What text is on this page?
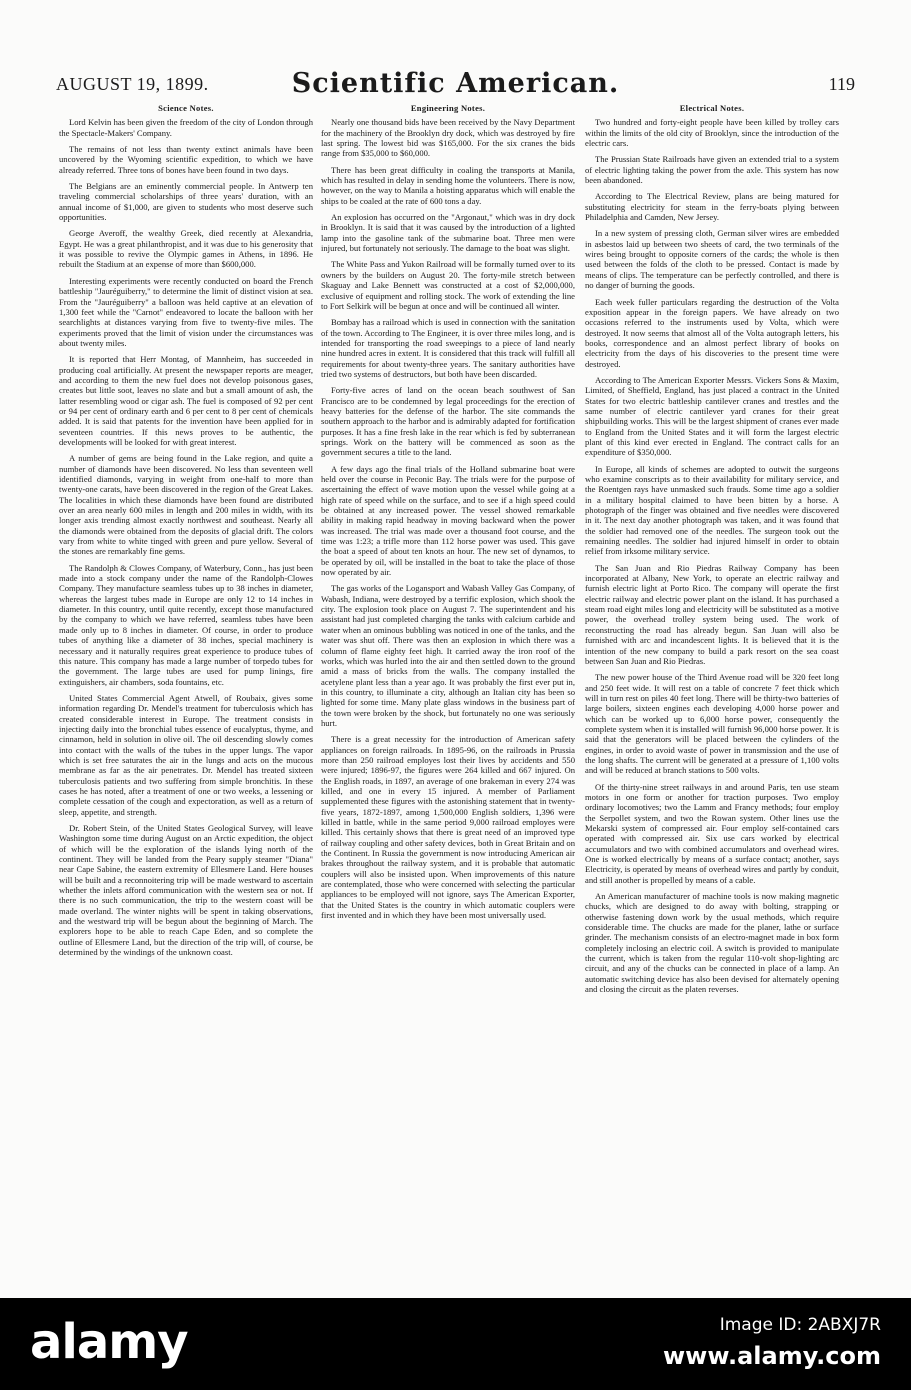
AUGUST 19, 1899.	Scientific American.	119
Science Notes.

Lord Kelvin has been given the freedom of the city of London through the Spectacle-Makers' Company.

The remains of not less than twenty extinct animals have been uncovered by the Wyoming scientific expedition, to which we have already referred. Three tons of bones have been found in two days.

The Belgians are an eminently commercial people. In Antwerp ten traveling commercial scholarships of three years' duration, with an annual income of $1,000, are given to students who most deserve such opportunities.

George Averoff, the wealthy Greek, died recently at Alexandria, Egypt. He was a great philanthropist, and it was due to his generosity that it was possible to revive the Olympic games in Athens, in 1896. He rebuilt the Stadium at an expense of more than $600,000.

Interesting experiments were recently conducted on board the French battleship "Jauréguiberry," to determine the limit of distinct vision at sea. From the "Jauréguiberry" a balloon was held captive at an elevation of 1,300 feet while the "Carnot" endeavored to locate the balloon with her searchlights at distances varying from five to twenty-five miles. The experiments proved that the limit of vision under the circumstances was about twenty miles.

It is reported that Herr Montag, of Mannheim, has succeeded in producing coal artificially. At present the newspaper reports are meager, and according to them the new fuel does not develop poisonous gases, creates but little soot, leaves no slate and but a small amount of ash, the latter resembling wood or cigar ash. The fuel is composed of 92 per cent or 94 per cent of ordinary earth and 6 per cent to 8 per cent of chemicals added. It is said that patents for the invention have been applied for in seventeen countries. If this news proves to be authentic, the developments will be looked for with great interest.

A number of gems are being found in the Lake region, and quite a number of diamonds have been discovered. No less than seventeen well identified diamonds, varying in weight from one-half to more than twenty-one carats, have been discovered in the region of the Great Lakes. The localities in which these diamonds have been found are distributed over an area nearly 600 miles in length and 200 miles in width, with its longer axis trending almost exactly northwest and southeast. Nearly all the diamonds were obtained from the deposits of glacial drift. The colors vary from white to white tinged with green and pure yellow. Several of the stones are remarkably fine gems.

The Randolph & Clowes Company, of Waterbury, Conn., has just been made into a stock company under the name of the Randolph-Clowes Company. They manufacture seamless tubes up to 38 inches in diameter, whereas the largest tubes made in Europe are only 12 to 14 inches in diameter. In this country, until quite recently, except those manufactured by the company to which we have referred, seamless tubes have been made only up to 8 inches in diameter. Of course, in order to produce tubes of anything like a diameter of 38 inches, special machinery is necessary and it naturally requires great experience to produce tubes of this nature. This company has made a large number of torpedo tubes for the government. The large tubes are used for pump linings, fire extinguishers, air chambers, soda fountains, etc.

United States Commercial Agent Atwell, of Roubaix, gives some information regarding Dr. Mendel's treatment for tuberculosis which has created considerable interest in Europe. The treatment consists in injecting daily into the bronchial tubes essence of eucalyptus, thyme, and cinnamon, held in solution in olive oil. The oil descending slowly comes into contact with the walls of the tubes in the upper lungs. The vapor which is set free saturates the air in the lungs and acts on the mucous membrane as far as the air penetrates. Dr. Mendel has treated sixteen tuberculosis patients and two suffering from simple bronchitis. In these cases he has noted, after a treatment of one or two weeks, a lessening or complete cessation of the cough and expectoration, as well as a return of sleep, appetite, and strength.

Dr. Robert Stein, of the United States Geological Survey, will leave Washington some time during August on an Arctic expedition, the object of which will be the exploration of the islands lying north of the continent. They will be landed from the Peary supply steamer "Diana" near Cape Sabine, the eastern extremity of Ellesmere Land. Here houses will be built and a reconnoitering trip will be made westward to ascertain whether the inlets afford communication with the western sea or not. If there is no such communication, the trip to the western coast will be made overland. The winter nights will be spent in taking observations, and the westward trip will be begun about the beginning of March. The explorers hope to be able to reach Cape Eden, and so complete the outline of Ellesmere Land, but the direction of the trip will, of course, be determined by the windings of the unknown coast.

Engineering Notes.

Nearly one thousand bids have been received by the Navy Department for the machinery of the Brooklyn dry dock, which was destroyed by fire last spring. The lowest bid was $165,000. For the six cranes the bids range from $35,000 to $60,000.

There has been great difficulty in coaling the transports at Manila, which has resulted in delay in sending home the volunteers. There is now, however, on the way to Manila a hoisting apparatus which will enable the ships to be coaled at the rate of 600 tons a day.

An explosion has occurred on the "Argonaut," which was in dry dock in Brooklyn. It is said that it was caused by the introduction of a lighted lamp into the gasoline tank of the submarine boat. Three men were injured, but fortunately not seriously. The damage to the boat was slight.

The White Pass and Yukon Railroad will be formally turned over to its owners by the builders on August 20. The forty-mile stretch between Skaguay and Lake Bennett was constructed at a cost of $2,000,000, exclusive of equipment and rolling stock. The work of extending the line to Fort Selkirk will be begun at once and will be continued all winter.

Bombay has a railroad which is used in connection with the sanitation of the town. According to The Engineer, it is over three miles long, and is intended for transporting the road sweepings to a piece of land nearly nine hundred acres in extent. It is considered that this track will fulfill all requirements for about twenty-three years. The sanitary authorities have tried two systems of destructors, but both have been discarded.

Forty-five acres of land on the ocean beach southwest of San Francisco are to be condemned by legal proceedings for the erection of heavy batteries for the defense of the harbor. The site commands the southern approach to the harbor and is admirably adapted for fortification purposes. It has a fine fresh lake in the rear which is fed by subterranean springs. Work on the battery will be commenced as soon as the government secures a title to the land.

A few days ago the final trials of the Holland submarine boat were held over the course in Peconic Bay. The trials were for the purpose of ascertaining the effect of wave motion upon the vessel while going at a high rate of speed while on the surface, and to see if a high speed could be obtained at any increased power. The vessel showed remarkable ability in making rapid headway in moving backward when the power was increased. The trial was made over a thousand foot course, and the time was 1:23; a trifle more than 112 horse power was used. This gave the boat a speed of about ten knots an hour. The new set of dynamos, to be operated by oil, will be installed in the boat to take the place of those now operated by air.

The gas works of the Logansport and Wabash Valley Gas Company, of Wabash, Indiana, were destroyed by a terrific explosion, which shook the city. The explosion took place on August 7. The superintendent and his assistant had just completed charging the tanks with calcium carbide and water when an ominous bubbling was noticed in one of the tanks, and the water was shut off. There was then an explosion in which there was a column of flame eighty feet high. It carried away the iron roof of the works, which was hurled into the air and then settled down to the ground amid a mass of bricks from the walls. The company installed the acetylene plant less than a year ago. It was probably the first ever put in, in this country, to illuminate a city, although an Italian city has been so lighted for some time. Many plate glass windows in the business part of the town were broken by the shock, but fortunately no one was seriously hurt.

There is a great necessity for the introduction of American safety appliances on foreign railroads. In 1895-96, on the railroads in Prussia more than 250 railroad employes lost their lives by accidents and 550 were injured; 1896-97, the figures were 264 killed and 667 injured. On the English roads, in 1897, an average of one brakeman in every 274 was killed, and one in every 15 injured. A member of Parliament supplemented these figures with the astonishing statement that in twenty-five years, 1872-1897, among 1,500,000 English soldiers, 1,396 were killed in battle, while in the same period 9,000 railroad employes were killed. This certainly shows that there is great need of an improved type of railway coupling and other safety devices, both in Great Britain and on the Continent. In Russia the government is now introducing American air brakes throughout the railway system, and it is probable that automatic couplers will also be insisted upon. When improvements of this nature are contemplated, those who were concerned with selecting the particular appliances to be employed will not ignore, says The American Exporter, that the United States is the country in which automatic couplers were first invented and in which they have been most universally used.

Electrical Notes.

Two hundred and forty-eight people have been killed by trolley cars within the limits of the old city of Brooklyn, since the introduction of the electric cars.

The Prussian State Railroads have given an extended trial to a system of electric lighting taking the power from the axle. This system has now been abandoned.

According to The Electrical Review, plans are being matured for substituting electricity for steam in the ferry-boats plying between Philadelphia and Camden, New Jersey.

In a new system of pressing cloth, German silver wires are embedded in asbestos laid up between two sheets of card, the two terminals of the wires being brought to opposite corners of the cards; the whole is then used between the folds of the cloth to be pressed. Contact is made by means of clips. The temperature can be perfectly controlled, and there is no danger of burning the goods.

Each week fuller particulars regarding the destruction of the Volta exposition appear in the foreign papers. We have already on two occasions referred to the instruments used by Volta, which were destroyed. It now seems that almost all of the Volta autograph letters, his books, correspondence and an almost perfect library of books on electricity from the days of his discoveries to the present time were destroyed.

According to The American Exporter Messrs. Vickers Sons & Maxim, Limited, of Sheffield, England, has just placed a contract in the United States for two electric battleship cantilever cranes and trestles and the same number of electric cantilever yard cranes for their great shipbuilding works. This will be the largest shipment of cranes ever made to England from the United States and it will form the largest electric plant of this kind ever erected in England. The contract calls for an expenditure of $350,000.

In Europe, all kinds of schemes are adopted to outwit the surgeons who examine conscripts as to their availability for military service, and the Roentgen rays have unmasked such frauds. Some time ago a soldier in a military hospital claimed to have been bitten by a horse. A photograph of the finger was obtained and five needles were discovered in it. The next day another photograph was taken, and it was found that the soldier had removed one of the needles. The surgeon took out the remaining needles. The soldier had injured himself in order to obtain relief from irksome military service.

The San Juan and Rio Piedras Railway Company has been incorporated at Albany, New York, to operate an electric railway and furnish electric light at Porto Rico. The company will operate the first electric railway and electric power plant on the island. It has purchased a steam road eight miles long and electricity will be substituted as a motive power, the overhead trolley system being used. The work of reconstructing the road has already begun. San Juan will also be furnished with arc and incandescent lights. It is believed that it is the intention of the new company to build a park resort on the sea coast between San Juan and Rio Piedras.

The new power house of the Third Avenue road will be 320 feet long and 250 feet wide. It will rest on a table of concrete 7 feet thick which will in turn rest on piles 40 feet long. There will be thirty-two batteries of large boilers, sixteen engines each developing 4,000 horse power and which can be worked up to 6,000 horse power, consequently the complete system when it is installed will furnish 96,000 horse power. It is said that the generators will be placed between the cylinders of the engines, in order to avoid waste of power in transmission and the use of the long shafts. The current will be generated at a pressure of 1,100 volts and will be reduced at branch stations to 500 volts.

Of the thirty-nine street railways in and around Paris, ten use steam motors in one form or another for traction purposes. Two employ ordinary locomotives; two the Lamm and Francy methods; four employ the Serpollet system, and two the Rowan system. Other lines use the Mekarski system of compressed air. Four employ self-contained cars operated with compressed air. Six use cars worked by electrical accumulators and two with combined accumulators and overhead wires. One is worked electrically by means of a surface contact; another, says Electricity, is operated by means of overhead wires and partly by conduit, and still another is propelled by means of a cable.

An American manufacturer of machine tools is now making magnetic chucks, which are designed to do away with bolting, strapping or otherwise fastening down work by the usual methods, which require considerable time. The chucks are made for the planer, lathe or surface grinder. The mechanism consists of an electro-magnet made in box form completely inclosing an electric coil. A switch is provided to manipulate the current, which is taken from the regular 110-volt shop-lighting arc circuit, and any of the chucks can be connected in place of a lamp. An automatic switching device has also been devised for alternately opening and closing the circuit as the platen reverses.

alamy	Image ID: 2ABXJ7R
www.alamy.com
